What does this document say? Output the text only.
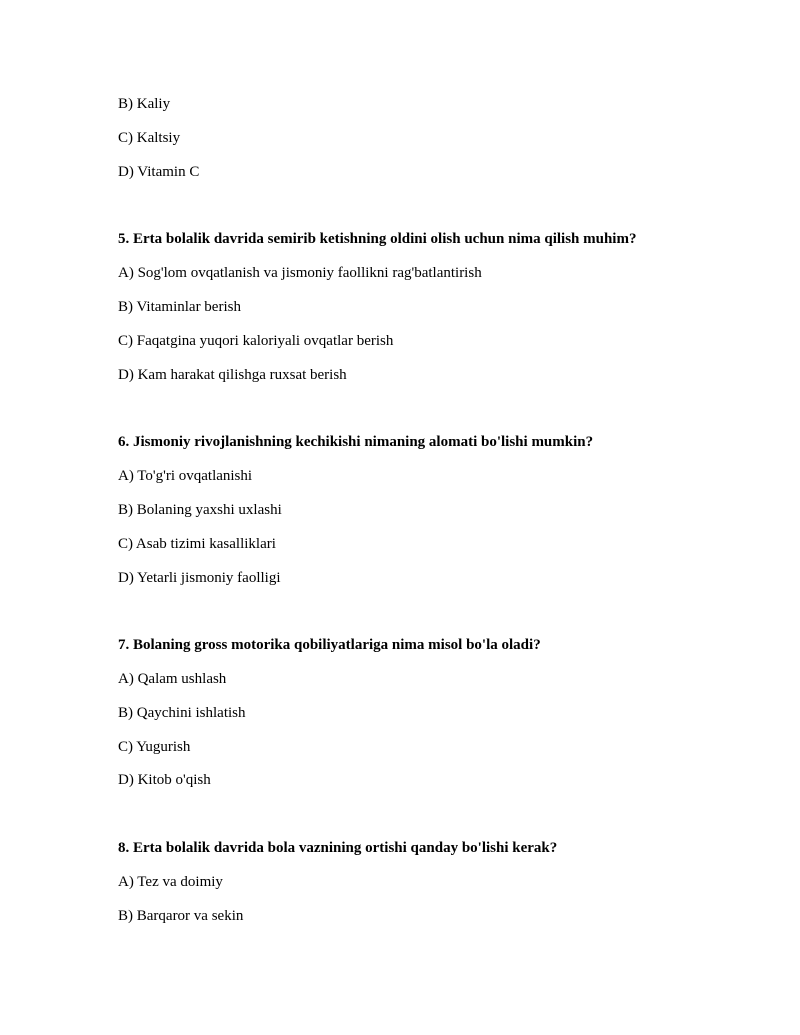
B) Kaliy
C) Kaltsiy
D) Vitamin C
5. Erta bolalik davrida semirib ketishning oldini olish uchun nima qilish muhim?
A) Sog'lom ovqatlanish va jismoniy faollikni rag'batlantirish
B) Vitaminlar berish
C) Faqatgina yuqori kaloriyali ovqatlar berish
D) Kam harakat qilishga ruxsat berish
6. Jismoniy rivojlanishning kechikishi nimaning alomati bo'lishi mumkin?
A) To'g'ri ovqatlanishi
B) Bolaning yaxshi uxlashi
C) Asab tizimi kasalliklari
D) Yetarli jismoniy faolligi
7. Bolaning gross motorika qobiliyatlariga nima misol bo'la oladi?
A) Qalam ushlash
B) Qaychini ishlatish
C) Yugurish
D) Kitob o'qish
8. Erta bolalik davrida bola vaznining ortishi qanday bo'lishi kerak?
A) Tez va doimiy
B) Barqaror va sekin
